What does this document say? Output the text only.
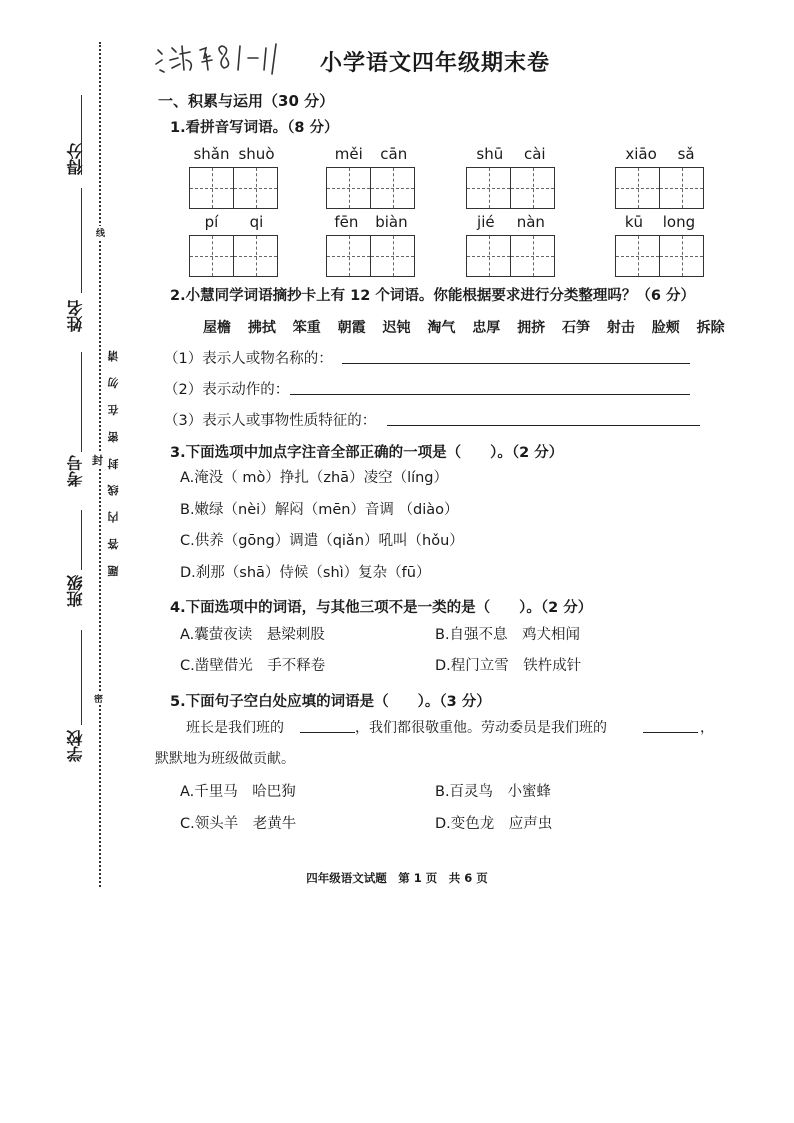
得分
姓名
考号
班级
学校
线
封
密
题 答 内 线 封 密 在 勿 请
小学语文四年级期末卷
一、积累与运用（30 分）
1.看拼音写词语。（8 分）
shǎn shuò	měi cān	shū cài	xiāo sǎ
pí qi	fēn biàn	jié nàn	kū long
2.小慧同学词语摘抄卡上有 12 个词语。你能根据要求进行分类整理吗？（6 分）
屋檐 拂拭 笨重 朝霞 迟钝 淘气 忠厚 拥挤 石笋 射击 脸颊 拆除
（1）表示人或物名称的：
（2）表示动作的：
（3）表示人或事物性质特征的：
3.下面选项中加点字注音全部正确的一项是（　　）。（2 分）
A.淹没（ mò）挣扎（zhā）凌空（líng）
B.嫩绿（nèi）解闷（mēn）音调 （diào）
C.供养（gōng）调遣（qiǎn）吼叫（hǒu）
D.刹那（shā）侍候（shì）复杂（fū）
4.下面选项中的词语，与其他三项不是一类的是（　　）。（2 分）
A.囊萤夜读　悬梁刺股	B.自强不息　鸡犬相闻
C.凿壁借光　手不释卷	D.程门立雪　铁杵成针
5.下面句子空白处应填的词语是（　　）。（3 分）
班长是我们班的	，我们都很敬重他。劳动委员是我们班的	，
默默地为班级做贡献。
A.千里马　哈巴狗	B.百灵鸟　小蜜蜂
C.领头羊　老黄牛	D.变色龙　应声虫
四年级语文试题　第 1 页　共 6 页
